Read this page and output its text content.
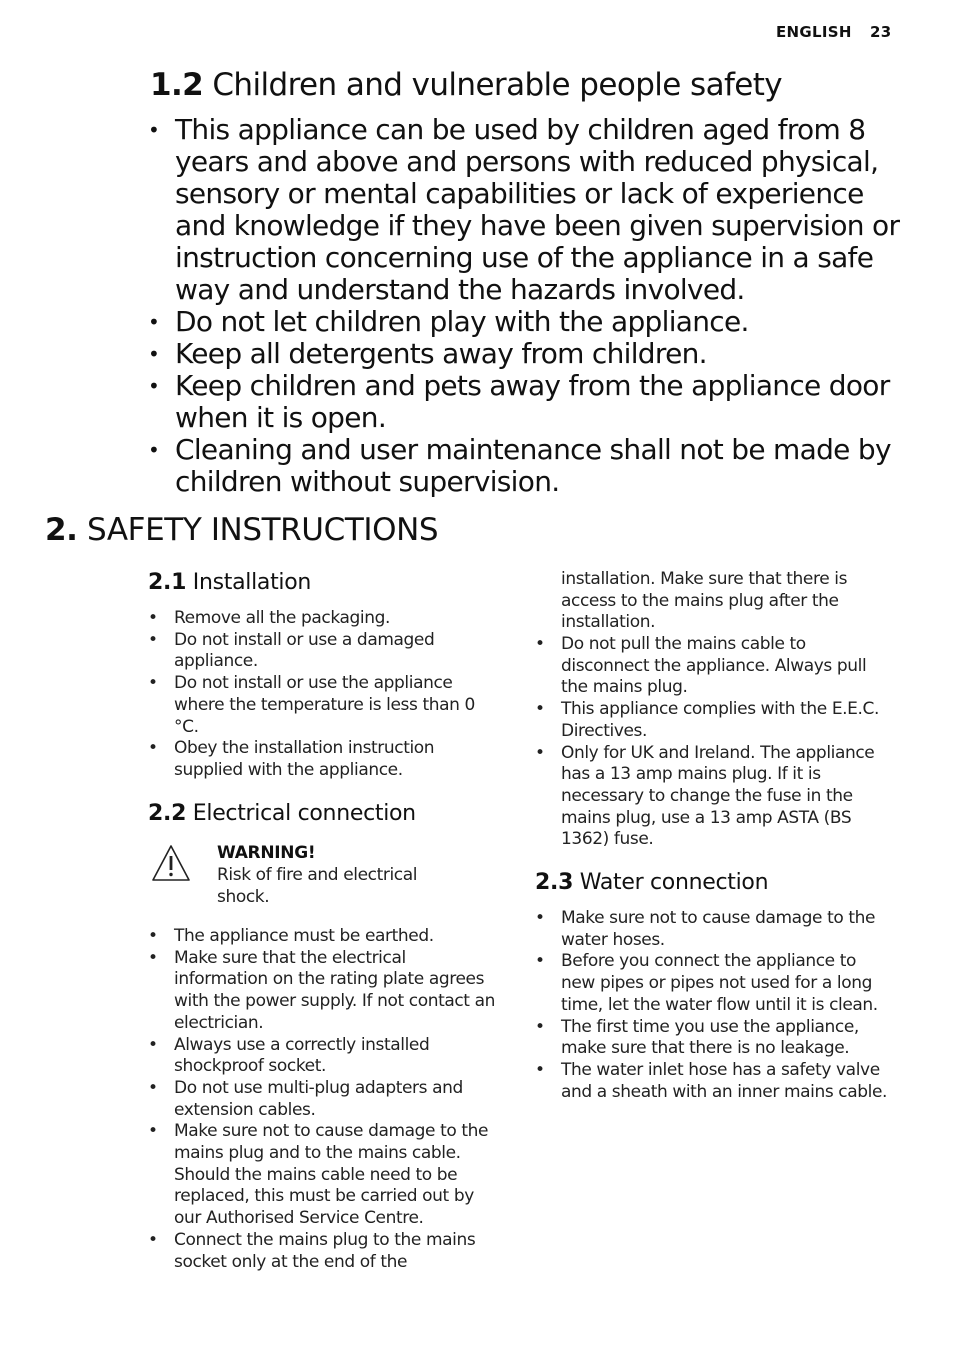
ENGLISH 23
1.2 Children and vulnerable people safety
• This appliance can be used by children aged from 8 years and above and persons with reduced physical, sensory or mental capabilities or lack of experience and knowledge if they have been given supervision or instruction concerning use of the appliance in a safe way and understand the hazards involved.
• Do not let children play with the appliance.
• Keep all detergents away from children.
• Keep children and pets away from the appliance door when it is open.
• Cleaning and user maintenance shall not be made by children without supervision.
2. SAFETY INSTRUCTIONS
2.1 Installation
• Remove all the packaging.
• Do not install or use a damaged appliance.
• Do not install or use the appliance where the temperature is less than 0 °C.
• Obey the installation instruction supplied with the appliance.
2.2 Electrical connection
WARNING!
Risk of fire and electrical shock.
• The appliance must be earthed.
• Make sure that the electrical information on the rating plate agrees with the power supply. If not contact an electrician.
• Always use a correctly installed shockproof socket.
• Do not use multi-plug adapters and extension cables.
• Make sure not to cause damage to the mains plug and to the mains cable. Should the mains cable need to be replaced, this must be carried out by our Authorised Service Centre.
• Connect the mains plug to the mains socket only at the end of the
installation. Make sure that there is access to the mains plug after the installation.
• Do not pull the mains cable to disconnect the appliance. Always pull the mains plug.
• This appliance complies with the E.E.C. Directives.
• Only for UK and Ireland. The appliance has a 13 amp mains plug. If it is necessary to change the fuse in the mains plug, use a 13 amp ASTA (BS 1362) fuse.
2.3 Water connection
• Make sure not to cause damage to the water hoses.
• Before you connect the appliance to new pipes or pipes not used for a long time, let the water flow until it is clean.
• The first time you use the appliance, make sure that there is no leakage.
• The water inlet hose has a safety valve and a sheath with an inner mains cable.
